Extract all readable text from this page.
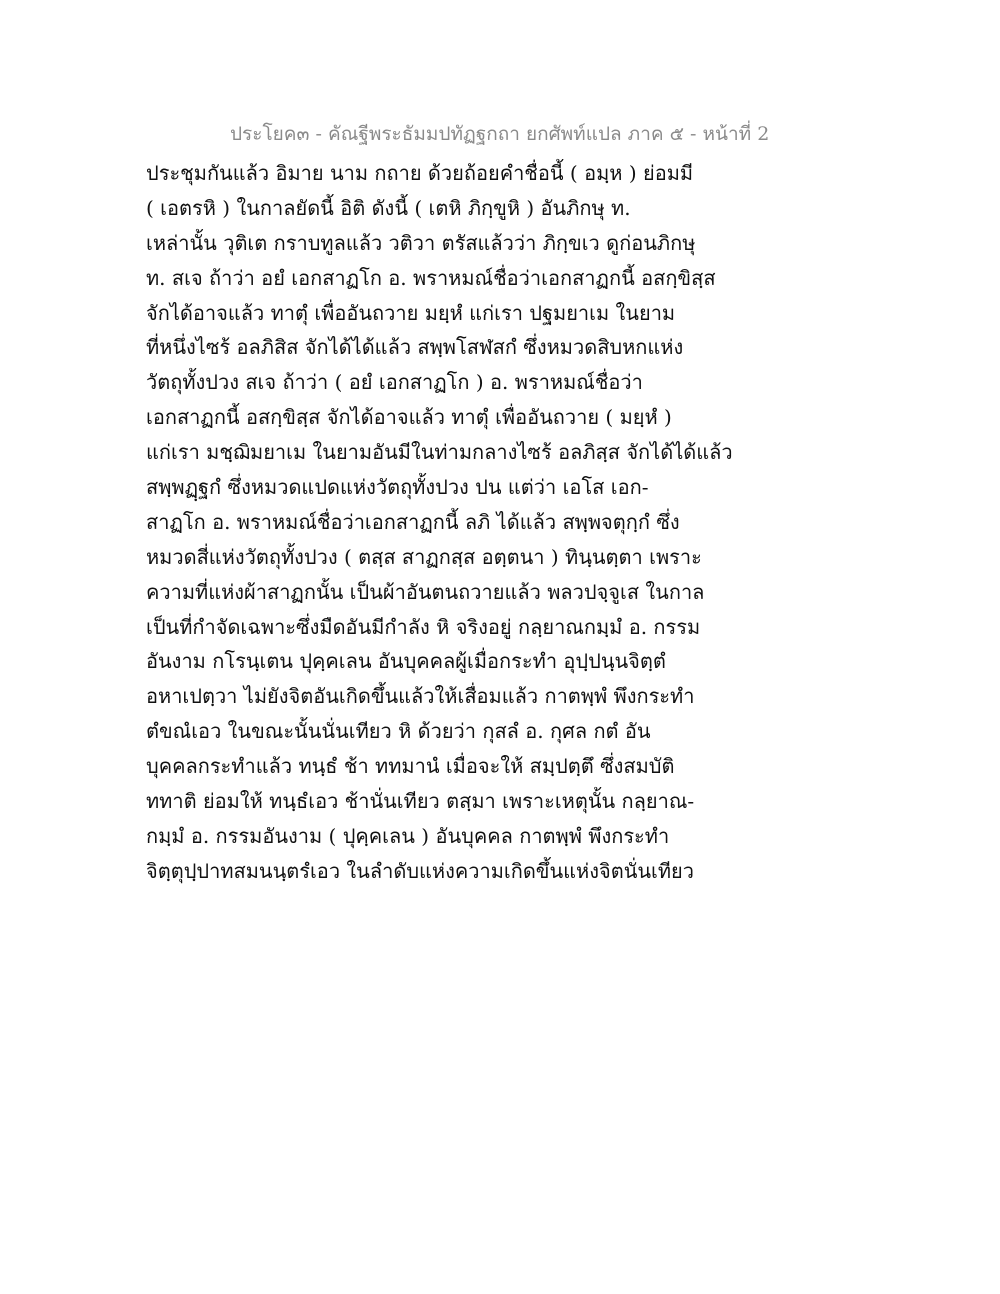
ประโยค๓ - คัณฐีพระธัมมปทัฏฐกถา ยกศัพท์แปล ภาค ๕ - หน้าที่ 2
ประชุมกันแล้ว อิมาย นาม กถาย ด้วยถ้อยคำชื่อนี้ ( อมฺห ) ย่อมมี
( เอตรหิ ) ในกาลยัดนี้ อิติ ดังนี้ ( เตหิ ภิกฺขูหิ ) อันภิกษุ ท.
เหล่านั้น วุติเต กราบทูลแล้ว วติวา ตรัสแล้วว่า ภิกฺขเว ดูก่อนภิกษุ
ท. สเจ ถ้าว่า อยํ เอกสาฏโก อ. พราหมณ์ชื่อว่าเอกสาฏกนี้ อสกฺขิสฺส
จักได้อาจแล้ว ทาตุํ เพื่ออันถวาย มยฺหํ แก่เรา ปฐมยาเม ในยาม
ที่หนึ่งไซร้ อลภิสิส จักได้ได้แล้ว สพฺพโสฬสกํ ซึ่งหมวดสิบหกแห่ง
วัตถุทั้งปวง สเจ ถ้าว่า ( อยํ เอกสาฏโก ) อ. พราหมณ์ชื่อว่า
เอกสาฏกนี้ อสกฺขิสฺส จักได้อาจแล้ว ทาตุํ เพื่ออันถวาย ( มยฺหํ )
แก่เรา มชฺฌิมยาเม ในยามอันมีในท่ามกลางไซร้ อลภิสฺส จักได้ได้แล้ว
สพฺพฏฺฐกํ ซึ่งหมวดแปดแห่งวัตถุทั้งปวง ปน แต่ว่า เอโส เอก-
สาฏโก อ. พราหมณ์ชื่อว่าเอกสาฏกนี้ ลภิ ได้แล้ว สพฺพจตุกฺกํ ซึ่ง
หมวดสี่แห่งวัตถุทั้งปวง ( ตสฺส สาฏกสฺส อตฺตนา ) ทินฺนตฺตา เพราะ
ความที่แห่งผ้าสาฏกนั้น เป็นผ้าอันตนถวายแล้ว พลวปจฺจูเส ในกาล
เป็นที่กำจัดเฉพาะซึ่งมืดอันมีกำลัง หิ จริงอยู่ กลฺยาณกมฺมํ อ. กรรม
อันงาม กโรนฺเตน ปุคฺคเลน อันบุคคลผู้เมื่อกระทำ อุปฺปนฺนจิตฺตํ
อหาเปตฺวา ไม่ยังจิตอันเกิดขึ้นแล้วให้เสื่อมแล้ว กาตพฺพํ พึงกระทำ
ตํขณํเอว ในขณะนั้นนั่นเทียว หิ ด้วยว่า กุสลํ อ. กุศล กตํ อัน
บุคคลกระทำแล้ว ทนฺธํ ช้า ททมานํ เมื่อจะให้ สมฺปตฺตึ ซึ่งสมบัติ
ททาติ ย่อมให้ ทนฺธํเอว ช้านั่นเทียว ตสฺมา เพราะเหตุนั้น กลฺยาณ-
กมฺมํ อ. กรรมอันงาม ( ปุคฺคเลน ) อันบุคคล กาตพฺพํ พึงกระทำ
จิตฺตุปฺปาทสมนนฺตรํเอว ในลำดับแห่งความเกิดขึ้นแห่งจิตนั่นเทียว
